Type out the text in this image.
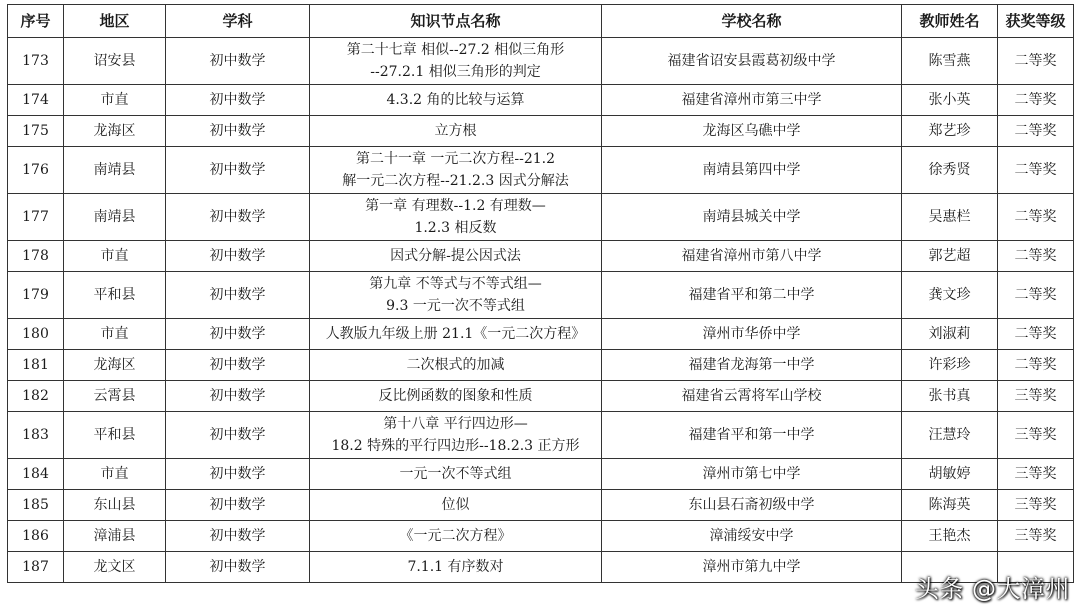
序号	地区	学科	知识节点名称	学校名称	教师姓名	获奖等级
173	诏安县	初中数学	第二十七章 相似--27.2 相似三角形
--27.2.1 相似三角形的判定	福建省诏安县霞葛初级中学	陈雪燕	二等奖
174	市直	初中数学	4.3.2 角的比较与运算	福建省漳州市第三中学	张小英	二等奖
175	龙海区	初中数学	立方根	龙海区乌礁中学	郑艺珍	二等奖
176	南靖县	初中数学	第二十一章 一元二次方程--21.2
解一元二次方程--21.2.3 因式分解法	南靖县第四中学	徐秀贤	二等奖
177	南靖县	初中数学	第一章 有理数--1.2 有理数—
1.2.3 相反数	南靖县城关中学	吴惠栏	二等奖
178	市直	初中数学	因式分解-提公因式法	福建省漳州市第八中学	郭艺超	二等奖
179	平和县	初中数学	第九章 不等式与不等式组—
9.3 一元一次不等式组	福建省平和第二中学	龚文珍	二等奖
180	市直	初中数学	人教版九年级上册 21.1《一元二次方程》	漳州市华侨中学	刘淑莉	二等奖
181	龙海区	初中数学	二次根式的加减	福建省龙海第一中学	许彩珍	二等奖
182	云霄县	初中数学	反比例函数的图象和性质	福建省云霄将军山学校	张书真	三等奖
183	平和县	初中数学	第十八章 平行四边形—
18.2 特殊的平行四边形--18.2.3 正方形	福建省平和第一中学	汪慧玲	三等奖
184	市直	初中数学	一元一次不等式组	漳州市第七中学	胡敏婷	三等奖
185	东山县	初中数学	位似	东山县石斋初级中学	陈海英	三等奖
186	漳浦县	初中数学	《一元二次方程》	漳浦绥安中学	王艳杰	三等奖
187	龙文区	初中数学	7.1.1 有序数对	漳州市第九中学		
头条 @大漳州
